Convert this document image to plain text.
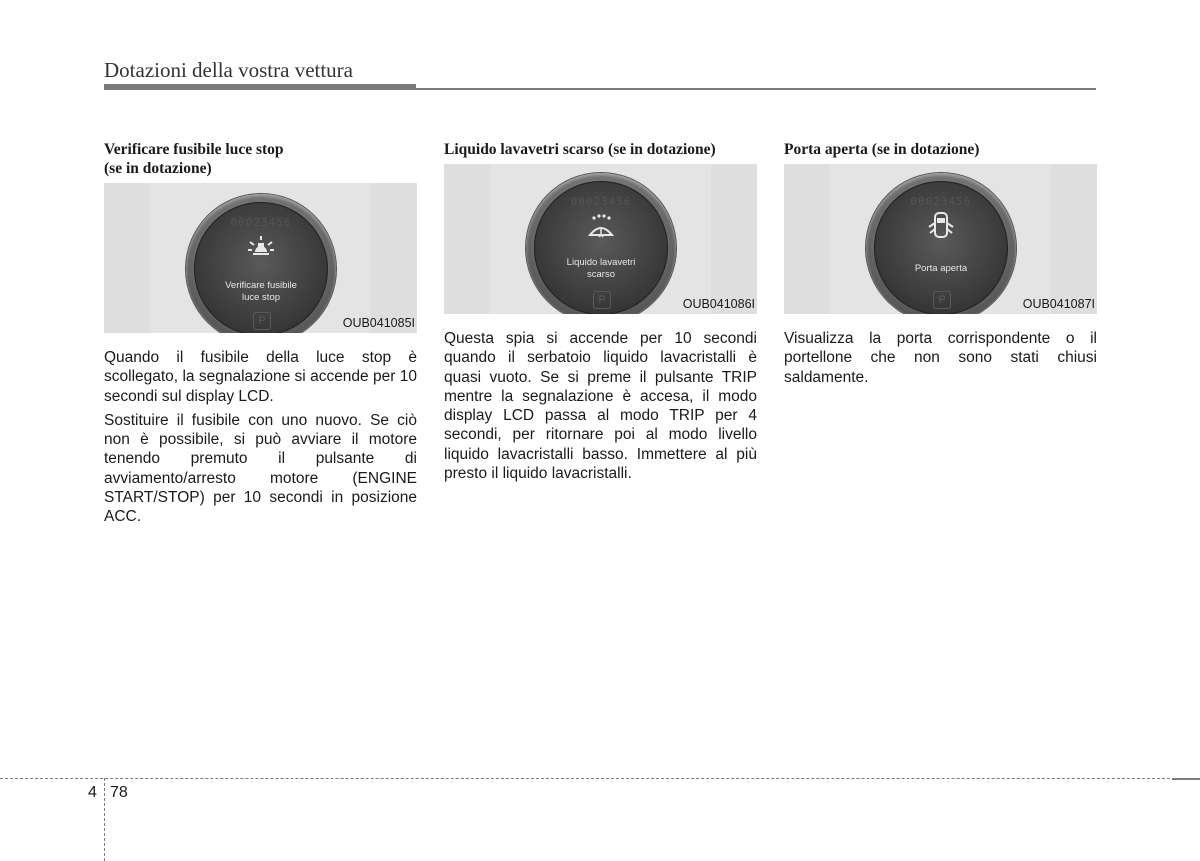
Dotazioni della vostra vettura
Verificare fusibile luce stop
(se in dotazione)
00023456
Verificare fusibile
luce stop
P	OUB041085I

Quando il fusibile della luce stop è scollegato, la segnalazione si accende per 10 secondi sul display LCD.

Sostituire il fusibile con uno nuovo. Se ciò non è possibile, si può avviare il motore tenendo premuto il pulsante di avviamento/arresto motore (ENGINE START/STOP) per 10 secondi in posizione ACC.

Liquido lavavetri scarso (se in dotazione)
00023456
Liquido lavavetri
scarso
P	OUB041086I

Questa spia si accende per 10 secondi quando il serbatoio liquido lavacristalli è quasi vuoto. Se si preme il pulsante TRIP mentre la segnalazione è accesa, il modo display LCD passa al modo TRIP per 4 secondi, per ritornare poi al modo livello liquido lavacristalli basso. Immettere al più presto il liquido lavacristalli.

Porta aperta (se in dotazione)
00023456
Porta aperta
P	OUB041087I

Visualizza la porta corrispondente o il portellone che non sono stati chiusi saldamente.

4 78
